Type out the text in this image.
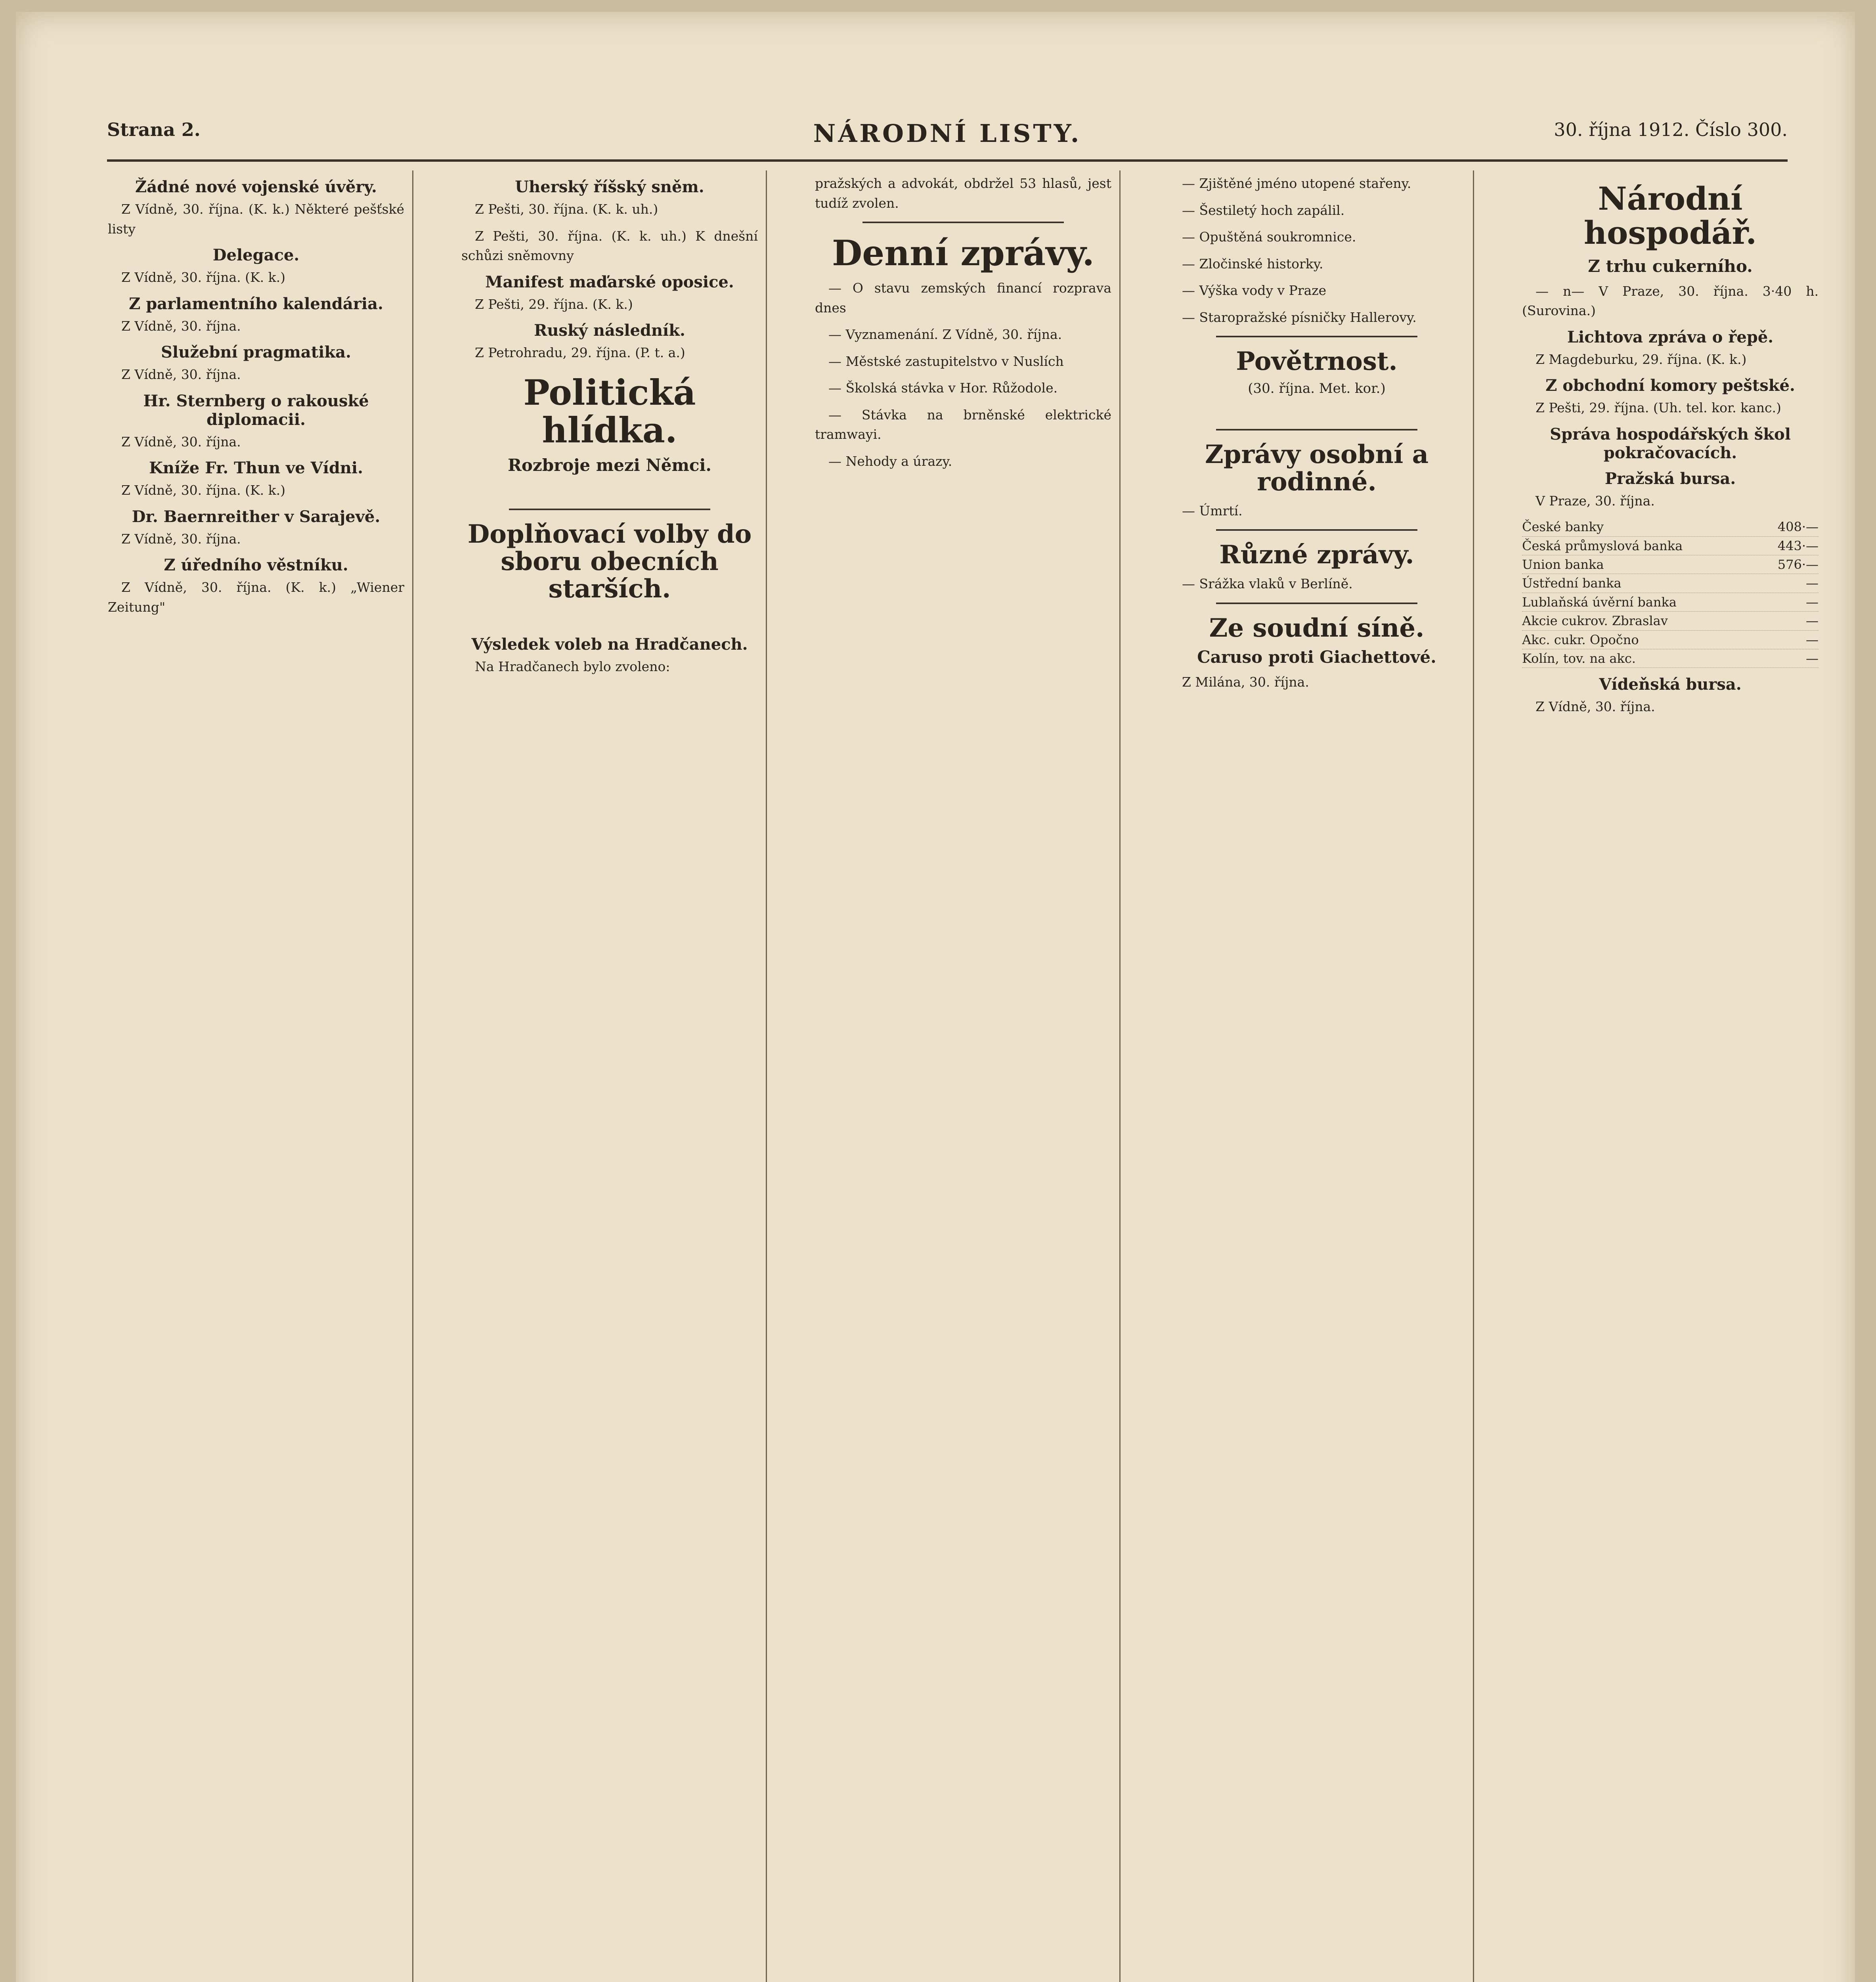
Strana 2.	NÁRODNÍ LISTY.	30. října 1912. Číslo 300.
Žádné nové vojenské úvěry.
Z Vídně, 30. října. (K. k.) Některé pešťské listy
Delegace.
Z Vídně, 30. října. (K. k.)
Z parlamentního kalendária.
Z Vídně, 30. října.
Služební pragmatika.
Z Vídně, 30. října.
Hr. Sternberg o rakouské diplomacii.
Z Vídně, 30. října.
Kníže Fr. Thun ve Vídni.
Z Vídně, 30. října. (K. k.)
Dr. Baernreither v Sarajevě.
Z Vídně, 30. října.
Z úředního věstníku.
Z Vídně, 30. října. (K. k.) „Wiener Zeitung"
Uherský říšský sněm.
Z Pešti, 30. října. (K. k. uh.)
Z Pešti, 30. října. (K. k. uh.) K dnešní schůzi sněmovny
Manifest maďarské oposice.
Z Pešti, 29. října. (K. k.)
Ruský následník.
Z Petrohradu, 29. října. (P. t. a.)
Politická hlídka.
Rozbroje mezi Němci.
Doplňovací volby do sboru obecních starších.
Výsledek voleb na Hradčanech.
Na Hradčanech bylo zvoleno:
pražských a advokát, obdržel 53 hlasů, jest tudíž zvolen.
Denní zprávy.
— O stavu zemských financí rozprava dnes
— Vyznamenání. Z Vídně, 30. října.
— Městské zastupitelstvo v Nuslích
— Školská stávka v Hor. Růžodole.
— Stávka na brněnské elektrické tramwayi.
— Nehody a úrazy.
— Zjištěné jméno utopené stařeny.
— Šestiletý hoch zapálil.
— Opuštěná soukromnice.
— Zločinské historky.
— Výška vody v Praze
— Staropražské písničky Hallerovy.
Povětrnost.
(30. října. Met. kor.)
Zprávy osobní a rodinné.
— Úmrtí.
Různé zprávy.
— Srážka vlaků v Berlíně.
Ze soudní síně.
Caruso proti Giachettové.
Z Milána, 30. října.
Národní hospodář.
Z trhu cukerního.
— n— V Praze, 30. října. 3·40 h. (Surovina.)
Lichtova zpráva o řepě.
Z Magdeburku, 29. října. (K. k.)
Z obchodní komory peštské.
Z Pešti, 29. října. (Uh. tel. kor. kanc.)
Správa hospodářských škol pokračovacích.
Pražská bursa.
V Praze, 30. října.
České banky	408·—
Česká průmyslová banka	443·—
Union banka	576·—
Ústřední banka	—
Lublaňská úvěrní banka	—
Akcie cukrov. Zbraslav	—
Akc. cukr. Opočno	—
Kolín, tov. na akc.	—
Vídeňská bursa.
Z Vídně, 30. října.
